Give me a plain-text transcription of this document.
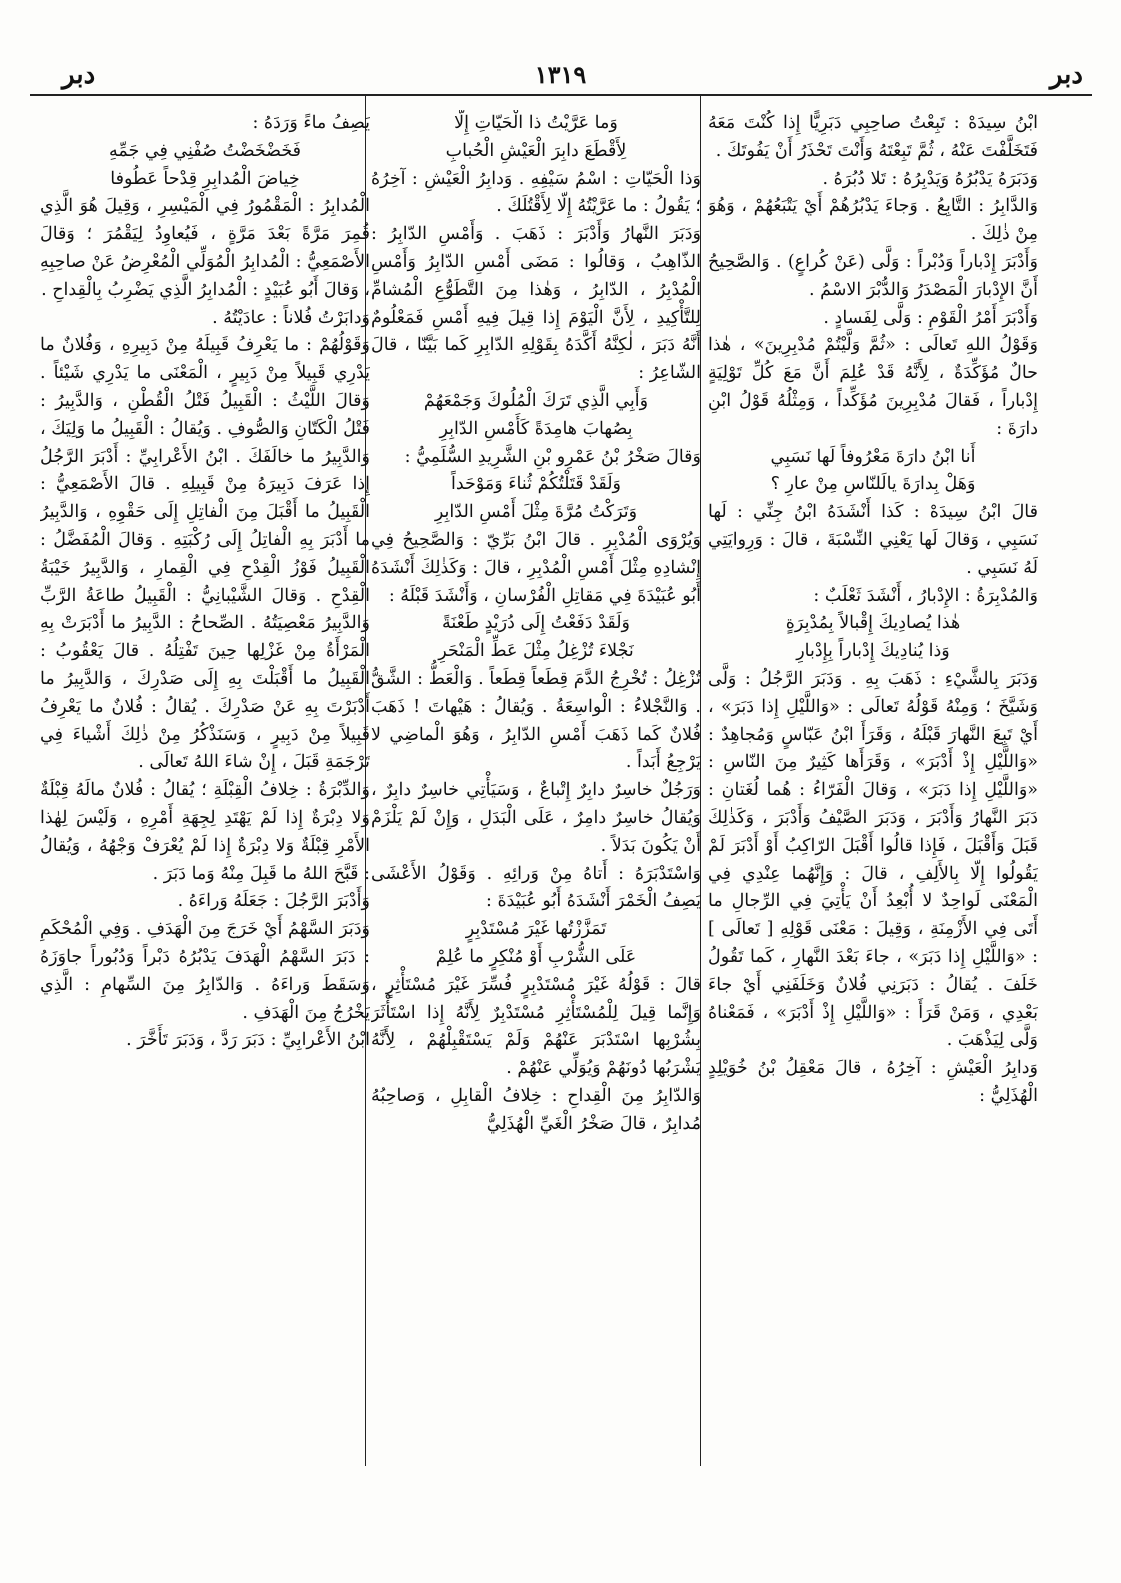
دبر	١٣١٩	دبر

ابْنُ سِيدَهْ : تَبِعْتُ صاحِبِي دَبَرِيًّا إِذا كُنْتَ مَعَهُ فَتَخَلَّفْتَ عَنْهُ ، ثُمَّ تَبِعْتَهُ وَأَنْتَ تَحْذَرُ أَنْ يَفُوتَكَ .

وَدَبَرَهُ يَدْبُرُهُ وَيَدْبِرُهُ : تَلا دُبُرَهُ .

وَالدَّابِرُ : التَّابِعُ . وَجاءَ يَدْبُرُهُمْ أَيْ يَتْبَعُهُمْ ، وَهُوَ مِنْ ذٰلِكَ .

وَأَدْبَرَ إِدْباراً وَدُبْراً : وَلَّى (عَنْ كُراعٍ) . وَالصَّحِيحُ أَنَّ الإِدْبارَ الْمَصْدَرُ وَالدُّبْرَ الاسْمُ .

وَأَدْبَرَ أَمْرُ الْقَوْمِ : وَلَّى لِفَسادٍ .

وَقَوْلُ اللهِ تَعالَى : «ثُمَّ وَلَّيْتُمْ مُدْبِرِينَ» ، هٰذا حالٌ مُؤَكِّدَةٌ ، لِأَنَّهُ قَدْ عُلِمَ أَنَّ مَعَ كُلِّ تَوْلِيَةٍ إِدْباراً ، فَقالَ مُدْبِرِينَ مُؤَكِّداً ، وَمِثْلُهُ قَوْلُ ابْنِ دارَةَ :

أَنا ابْنُ دارَةَ مَعْرُوفاً لَها نَسَبِي

وَهَلْ بِدارَةَ يالَلنّاسِ مِنْ عارِ ؟

قالَ ابْنُ سِيدَهْ : كَذا أَنْشَدَهُ ابْنُ جِنِّي : لَها نَسَبِي ، وَقالَ لَها يَعْنِي النِّسْبَةَ ، قالَ : وَرِوايَتِي لَهُ نَسَبِي .

وَالمُدْبِرَةُ : الإِدْبارُ ، أَنْشَدَ ثَعْلَبٌ :

هٰذا يُصادِيكَ إِقْبالاً بِمُدْبِرَةٍ

وَذا يُنادِيكَ إِدْباراً بِإِدْبارِ

وَدَبَرَ بِالشَّيْءِ : ذَهَبَ بِهِ . وَدَبَرَ الرَّجُلُ : وَلَّى وَشَيَّخَ ؛ وَمِنْهُ قَوْلُهُ تَعالَى : «وَاللَّيْلِ إِذا دَبَرَ» ، أَيْ تَبِعَ النَّهارَ قَبْلَهُ ، وَقَرَأَ ابْنُ عَبّاسٍ وَمُجاهِدٌ : «وَاللَّيْلِ إِذْ أَدْبَرَ» ، وَقَرَأَها كَثِيرٌ مِنَ النّاسِ : «وَاللَّيْلِ إِذا دَبَرَ» ، وَقالَ الْفَرّاءُ : هُما لُغَتانِ : دَبَرَ النَّهارُ وَأَدْبَرَ ، وَدَبَرَ الصَّيْفُ وَأَدْبَرَ ، وَكَذٰلِكَ قَبَلَ وَأَقْبَلَ ، فَإِذا قالُوا أَقْبَلَ الرّاكِبُ أَوْ أَدْبَرَ لَمْ يَقُولُوا إِلّا بِالأَلِفِ ، قالَ : وَإِنَّهُما عِنْدِي فِي الْمَعْنَى لَواحِدٌ لا أُبْعِدُ أَنْ يَأْتِيَ فِي الرِّجالِ ما أَتَى فِي الأَزْمِنَةِ ، وَقِيلَ : مَعْنَى قَوْلِهِ [ تَعالَى ] : «وَاللَّيْلِ إِذا دَبَرَ» ، جاءَ بَعْدَ النَّهارِ ، كَما تَقُولُ خَلَفَ . يُقالُ : دَبَرَنِي فُلانٌ وَخَلَفَنِي أَيْ جاءَ بَعْدِي ، وَمَنْ قَرَأَ : «وَاللَّيْلِ إِذْ أَدْبَرَ» ، فَمَعْناهُ وَلَّى لِيَذْهَبَ .

وَدابِرُ الْعَيْشِ : آخِرُهُ ، قالَ مَعْقِلُ بْنُ خُوَيْلِدٍ الْهُذَلِيُّ :

وَما عَرَّيْتُ ذا الْحَيّاتِ إِلّا

لِأَقْطَعَ دابِرَ الْعَيْشِ الْحُبابِ

وَذا الْحَيّاتِ : اسْمُ سَيْفِهِ . وَدابِرُ الْعَيْشِ : آخِرُهُ ؛ يَقُولُ : ما عَرَّيْتُهُ إِلّا لِأَقْتُلَكَ .

وَدَبَرَ النَّهارُ وَأَدْبَرَ : ذَهَبَ . وَأَمْسِ الدّابِرُ : الذّاهِبُ ، وَقالُوا : مَضَى أَمْسِ الدّابِرُ وَأَمْسِ الْمُدْبِرُ ، الدّابِرُ ، وَهٰذا مِنَ التَّطَوُّعِ الْمُشامِّ لِلتَّأْكِيدِ ، لِأَنَّ الْيَوْمَ إِذا قِيلَ فِيهِ أَمْسِ فَمَعْلُومٌ أَنَّهُ دَبَرَ ، لٰكِنَّهُ أَكَّدَهُ بِقَوْلِهِ الدّابِرِ كَما بَيَّنّا ، قالَ الشّاعِرُ :

وَأَبِي الَّذِي تَرَكَ الْمُلُوكَ وَجَمْعَهُمْ

بِصُهابَ هامِدَةً كَأَمْسِ الدّابِرِ

وَقالَ صَخْرُ بْنُ عَمْرِو بْنِ الشَّرِيدِ السُّلَمِيُّ :

وَلَقَدْ قَتَلْتُكُمْ ثُناءَ وَمَوْحَداً

وَتَرَكْتُ مُرَّةَ مِثْلَ أَمْسِ الدّابِرِ

وَيُرْوَى الْمُدْبِرِ . قالَ ابْنُ بَرِّيّ : وَالصَّحِيحُ فِي إِنْشادِهِ مِثْلَ أَمْسِ الْمُدْبِرِ ، قالَ : وَكَذٰلِكَ أَنْشَدَهُ أَبُو عُبَيْدَةَ فِي مَقاتِلِ الْفُرْسانِ ، وَأَنْشَدَ قَبْلَهُ :

وَلَقَدْ دَفَعْتُ إِلَى دُرَيْدٍ طَعْنَةً

نَجْلاءَ تُزْغِلُ مِثْلَ عَطِّ الْمَنْحَرِ

تُزْغِلُ : تُخْرِجُ الدَّمَ قِطَعاً قِطَعاً . وَالْعَطُّ : الشَّقُّ . وَالنَّجْلاءُ : الْواسِعَةُ . وَيُقالُ : هَيْهاتَ ! ذَهَبَ فُلانٌ كَما ذَهَبَ أَمْسِ الدّابِرُ ، وَهُوَ الْماضِي لا يَرْجِعُ أَبَداً .

وَرَجُلٌ خاسِرٌ دابِرٌ إِتْباعٌ ، وَسَيَأْتِي خاسِرٌ دابِرٌ ، وَيُقالُ خاسِرٌ دامِرٌ ، عَلَى الْبَدَلِ ، وَإِنْ لَمْ يَلْزَمْ أَنْ يَكُونَ بَدَلاً .

وَاسْتَدْبَرَهُ : أَتاهُ مِنْ وَرائِهِ . وَقَوْلُ الأَعْشَى يَصِفُ الْخَمْرَ أَنْشَدَهُ أَبُو عُبَيْدَةَ :

تَمَزَّزْتُها غَيْرَ مُسْتَدْبِرٍ

عَلَى الشُّرْبِ أَوْ مُنْكِرٍ ما عُلِمْ

قالَ : قَوْلُهُ غَيْرَ مُسْتَدْبِرٍ فُسِّرَ غَيْرَ مُسْتَأْثِرٍ ، وَإِنَّما قِيلَ لِلْمُسْتَأْثِرِ مُسْتَدْبِرٌ لِأَنَّهُ إِذا اسْتَأْثَرَ بِشُرْبِها اسْتَدْبَرَ عَنْهُمْ وَلَمْ يَسْتَقْبِلْهُمْ ، لِأَنَّهُ يَشْرَبُها دُونَهُمْ وَيُوَلِّي عَنْهُمْ .

وَالدّابِرُ مِنَ الْقِداحِ : خِلافُ الْقابِلِ ، وَصاحِبُهُ مُدابِرٌ ، قالَ صَخْرُ الْغَيِّ الْهُذَلِيُّ

يَصِفُ ماءً وَرَدَهُ :

فَخَضْخَضْتُ صُفْنِي فِي جَمِّهِ

خِياضَ الْمُدابِرِ قِدْحاً عَطُوفا

الْمُدابِرُ : الْمَقْمُورُ فِي الْمَيْسِرِ ، وَقِيلَ هُوَ الَّذِي قُمِرَ مَرَّةً بَعْدَ مَرَّةٍ ، فَيُعاوِدُ لِيَقْمُرَ ؛ وَقالَ الأَصْمَعِيُّ : الْمُدابِرُ الْمُوَلِّي الْمُعْرِضُ عَنْ صاحِبِهِ ، وَقالَ أَبُو عُبَيْدٍ : الْمُدابِرُ الَّذِي يَضْرِبُ بِالْقِداحِ .

وَدابَرْتُ فُلاناً : عادَيْتُهُ .

وَقَوْلُهُمْ : ما يَعْرِفُ قَبِيلَهُ مِنْ دَبِيرِهِ ، وَفُلانٌ ما يَدْرِي قَبِيلاً مِنْ دَبِيرٍ ، الْمَعْنَى ما يَدْرِي شَيْئاً . وَقالَ اللَّيْثُ : الْقَبِيلُ فَتْلُ الْقُطْنِ ، وَالدَّبِيرُ : فَتْلُ الْكَتّانِ وَالصُّوفِ . وَيُقالُ : الْقَبِيلُ ما وَلِيَكَ ، وَالدَّبِيرُ ما خالَفَكَ . ابْنُ الأَعْرابِيِّ : أَدْبَرَ الرَّجُلُ إِذا عَرَفَ دَبِيرَهُ مِنْ قَبِيلِهِ . قالَ الأَصْمَعِيُّ : الْقَبِيلُ ما أَقْبَلَ مِنَ الْفاتِلِ إِلَى حَقْوِهِ ، وَالدَّبِيرُ ما أَدْبَرَ بِهِ الْفاتِلُ إِلَى رُكْبَتِهِ . وَقالَ الْمُفَضَّلُ : الْقَبِيلُ فَوْزُ الْقِدْحِ فِي الْقِمارِ ، وَالدَّبِيرُ خَيْبَةُ الْقِدْحِ . وَقالَ الشَّيْبانِيُّ : الْقَبِيلُ طاعَةُ الرَّبِّ وَالدَّبِيرُ مَعْصِيَتُهُ . الصِّحاحُ : الدَّبِيرُ ما أَدْبَرَتْ بِهِ الْمَرْأَةُ مِنْ غَزْلِها حِينَ تَفْتِلُهُ . قالَ يَعْقُوبُ : الْقَبِيلُ ما أَقْبَلْتَ بِهِ إِلَى صَدْرِكَ ، وَالدَّبِيرُ ما أَدْبَرْتَ بِهِ عَنْ صَدْرِكَ . يُقالُ : فُلانٌ ما يَعْرِفُ قَبِيلاً مِنْ دَبِيرٍ ، وَسَنَذْكُرُ مِنْ ذٰلِكَ أَشْياءَ فِي تَرْجَمَةِ قَبَلَ ، إِنْ شاءَ اللهُ تَعالَى .

وَالدِّبْرَةُ : خِلافُ الْقِبْلَةِ ؛ يُقالُ : فُلانٌ مالَهُ قِبْلَةٌ وَلا دِبْرَةٌ إِذا لَمْ يَهْتَدِ لِجِهَةِ أَمْرِهِ ، وَلَيْسَ لِهٰذا الأَمْرِ قِبْلَةٌ وَلا دِبْرَةٌ إِذا لَمْ يُعْرَفْ وَجْهُهُ ، وَيُقالُ : قَبَّحَ اللهُ ما قَبِلَ مِنْهُ وَما دَبَرَ .

وَأَدْبَرَ الرَّجُلَ : جَعَلَهُ وَراءَهُ .

وَدَبَرَ السَّهْمُ أَيْ خَرَجَ مِنَ الْهَدَفِ . وَفِي الْمُحْكَمِ : دَبَرَ السَّهْمُ الْهَدَفَ يَدْبُرُهُ دَبْراً وَدُبُوراً جاوَزَهُ وَسَقَطَ وَراءَهُ . وَالدّابِرُ مِنَ السِّهامِ : الَّذِي يَخْرُجُ مِنَ الْهَدَفِ .

ابْنُ الأَعْرابِيِّ : دَبَرَ رَدَّ ، وَدَبَرَ تَأَخَّرَ .
